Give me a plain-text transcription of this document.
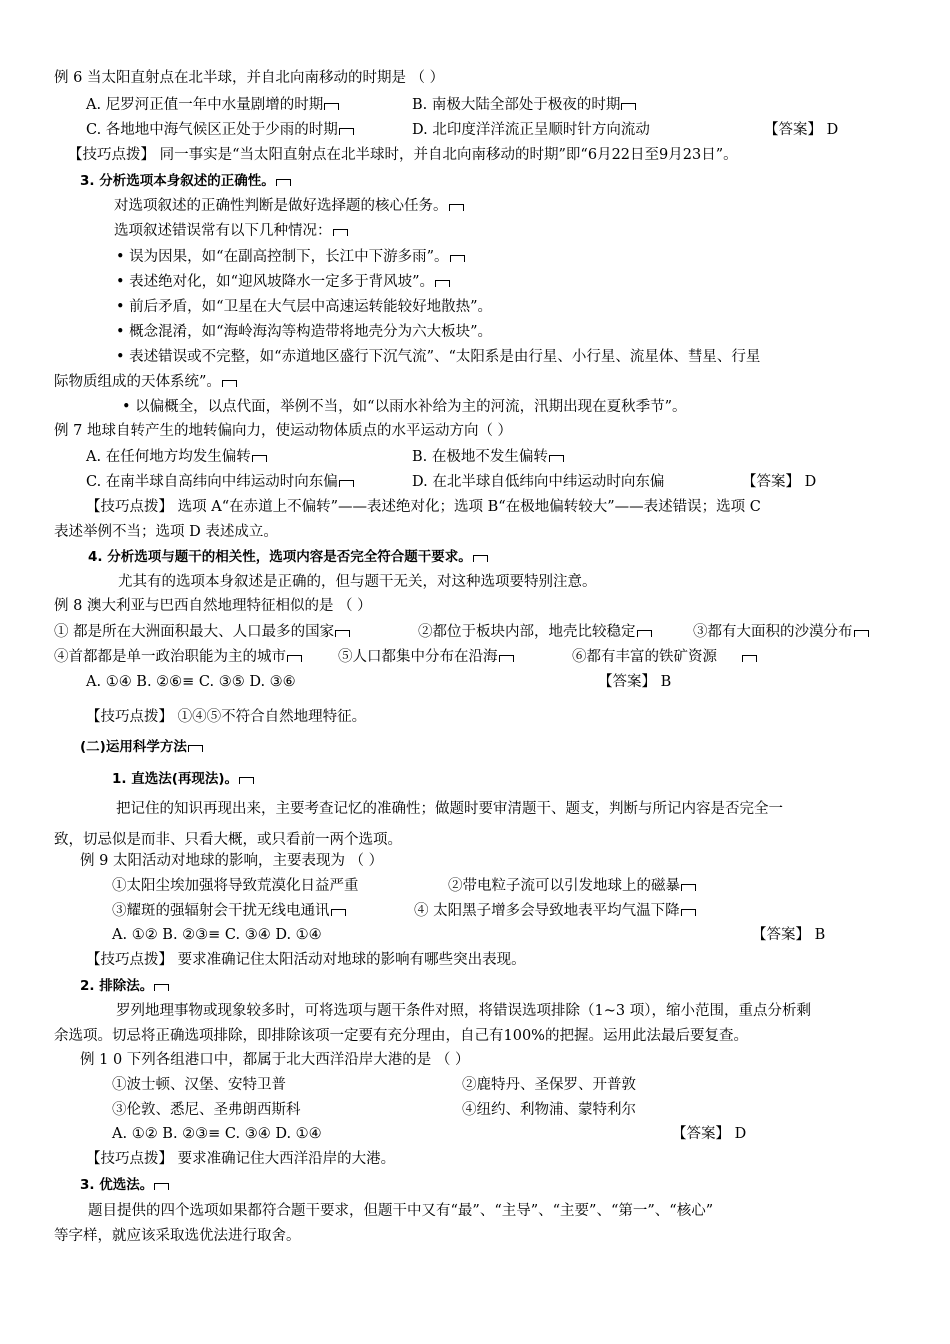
例 6 当太阳直射点在北半球，并自北向南移动的时期是 （ ）
A. 尼罗河正值一年中水量剧增的时期	B. 南极大陆全部处于极夜的时期
C. 各地地中海气候区正处于少雨的时期	D. 北印度洋洋流正呈顺时针方向流动	【答案】 D
【技巧点拨】 同一事实是“当太阳直射点在北半球时，并自北向南移动的时期”即“6月22日至9月23日”。
3. 分析选项本身叙述的正确性。
对选项叙述的正确性判断是做好选择题的核心任务。
选项叙述错误常有以下几种情况：
• 误为因果，如“在副高控制下，长江中下游多雨”。
• 表述绝对化，如“迎风坡降水一定多于背风坡”。
• 前后矛盾，如“卫星在大气层中高速运转能较好地散热”。
• 概念混淆，如“海岭海沟等构造带将地壳分为六大板块”。
• 表述错误或不完整，如“赤道地区盛行下沉气流”、“太阳系是由行星、小行星、流星体、彗星、行星
际物质组成的天体系统”。
• 以偏概全，以点代面，举例不当，如“以雨水补给为主的河流，汛期出现在夏秋季节”。
例 7 地球自转产生的地转偏向力，使运动物体质点的水平运动方向（ ）
A. 在任何地方均发生偏转	B. 在极地不发生偏转
C. 在南半球自高纬向中纬运动时向东偏	D. 在北半球自低纬向中纬运动时向东偏	【答案】 D
【技巧点拨】 选项 A“在赤道上不偏转”——表述绝对化；选项 B“在极地偏转较大”——表述错误；选项 C
表述举例不当；选项 D 表述成立。
4. 分析选项与题干的相关性，选项内容是否完全符合题干要求。
尤其有的选项本身叙述是正确的，但与题干无关，对这种选项要特别注意。
例 8 澳大利亚与巴西自然地理特征相似的是 （ ）
① 都是所在大洲面积最大、人口最多的国家	②都位于板块内部，地壳比较稳定	③都有大面积的沙漠分布
④首都都是单一政治职能为主的城市	⑤人口都集中分布在沿海	⑥都有丰富的铁矿资源
A. ①④ B. ②⑥≡ C. ③⑤ D. ③⑥	【答案】 B
【技巧点拨】 ①④⑤不符合自然地理特征。
(二)运用科学方法
1. 直选法(再现法)。
把记住的知识再现出来，主要考查记忆的准确性；做题时要审清题干、题支，判断与所记内容是否完全一
致，切忌似是而非、只看大概，或只看前一两个选项。
例 9 太阳活动对地球的影响，主要表现为 （ ）
①太阳尘埃加强将导致荒漠化日益严重	②带电粒子流可以引发地球上的磁暴
③耀斑的强辐射会干扰无线电通讯	④ 太阳黑子增多会导致地表平均气温下降
A. ①② B. ②③≡ C. ③④ D. ①④	【答案】 B
【技巧点拨】 要求准确记住太阳活动对地球的影响有哪些突出表现。
2. 排除法。
罗列地理事物或现象较多时，可将选项与题干条件对照，将错误选项排除（1~3 项），缩小范围，重点分析剩
余选项。切忌将正确选项排除，即排除该项一定要有充分理由，自己有100%的把握。运用此法最后要复查。
例 1 0 下列各组港口中，都属于北大西洋沿岸大港的是 （ ）
①波士顿、汉堡、安特卫普	②鹿特丹、圣保罗、开普敦
③伦敦、悉尼、圣弗朗西斯科	④纽约、利物浦、蒙特利尔
A. ①② B. ②③≡ C. ③④ D. ①④	【答案】 D
【技巧点拨】 要求准确记住大西洋沿岸的大港。
3. 优选法。
题目提供的四个选项如果都符合题干要求，但题干中又有“最”、“主导”、“主要”、“第一”、“核心”
等字样，就应该采取选优法进行取舍。
